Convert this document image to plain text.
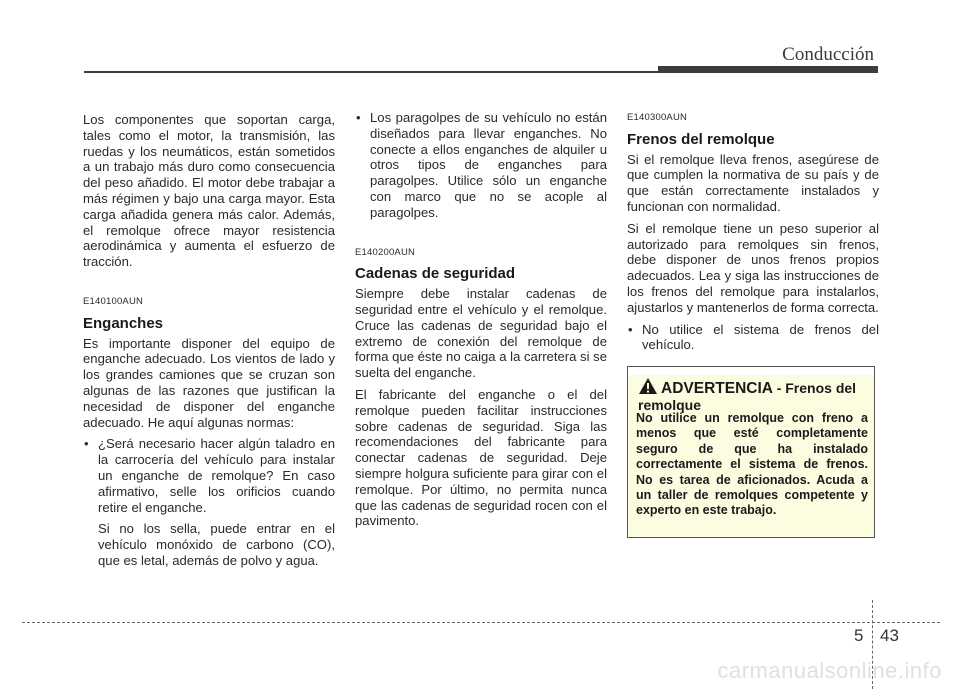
Conducción

Los componentes que soportan carga, tales como el motor, la transmisión, las ruedas y los neumáticos, están sometidos a un trabajo más duro como consecuencia del peso añadido. El motor debe trabajar a más régimen y bajo una carga mayor. Esta carga añadida genera más calor. Además, el remolque ofrece mayor resistencia aerodinámica y aumenta el esfuerzo de tracción.

E140100AUN
Enganches

Es importante disponer del equipo de enganche adecuado. Los vientos de lado y los grandes camiones que se cruzan son algunas de las razones que justifican la necesidad de disponer del enganche adecuado. He aquí algunas normas:

• ¿Será necesario hacer algún taladro en la carrocería del vehículo para instalar un enganche de remolque? En caso afirmativo, selle los orificios cuando retire el enganche.
Si no los sella, puede entrar en el vehículo monóxido de carbono (CO), que es letal, además de polvo y agua.
• Los paragolpes de su vehículo no están diseñados para llevar enganches. No conecte a ellos enganches de alquiler u otros tipos de enganches para paragolpes. Utilice sólo un enganche con marco que no se acople al paragolpes.
E140200AUN
Cadenas de seguridad

Siempre debe instalar cadenas de seguridad entre el vehículo y el remolque. Cruce las cadenas de seguridad bajo el extremo de conexión del remolque de forma que éste no caiga a la carretera si se suelta del enganche.

El fabricante del enganche o el del remolque pueden facilitar instrucciones sobre cadenas de seguridad. Siga las recomendaciones del fabricante para conectar cadenas de seguridad. Deje siempre holgura suficiente para girar con el remolque. Por último, no permita nunca que las cadenas de seguridad rocen con el pavimento.

E140300AUN
Frenos del remolque

Si el remolque lleva frenos, asegúrese de que cumplen la normativa de su país y de que están correctamente instalados y funcionan con normalidad.

Si el remolque tiene un peso superior al autorizado para remolques sin frenos, debe disponer de unos frenos propios adecuados. Lea y siga las instrucciones de los frenos del remolque para instalarlos, ajustarlos y mantenerlos de forma correcta.

• No utilice el sistema de frenos del vehículo.
ADVERTENCIA - Frenos del remolque
No utilice un remolque con freno a menos que esté completamente seguro de que ha instalado correctamente el sistema de frenos. No es tarea de aficionados. Acuda a un taller de remolques competente y experto en este trabajo.
5 43
carmanualsonline.info
